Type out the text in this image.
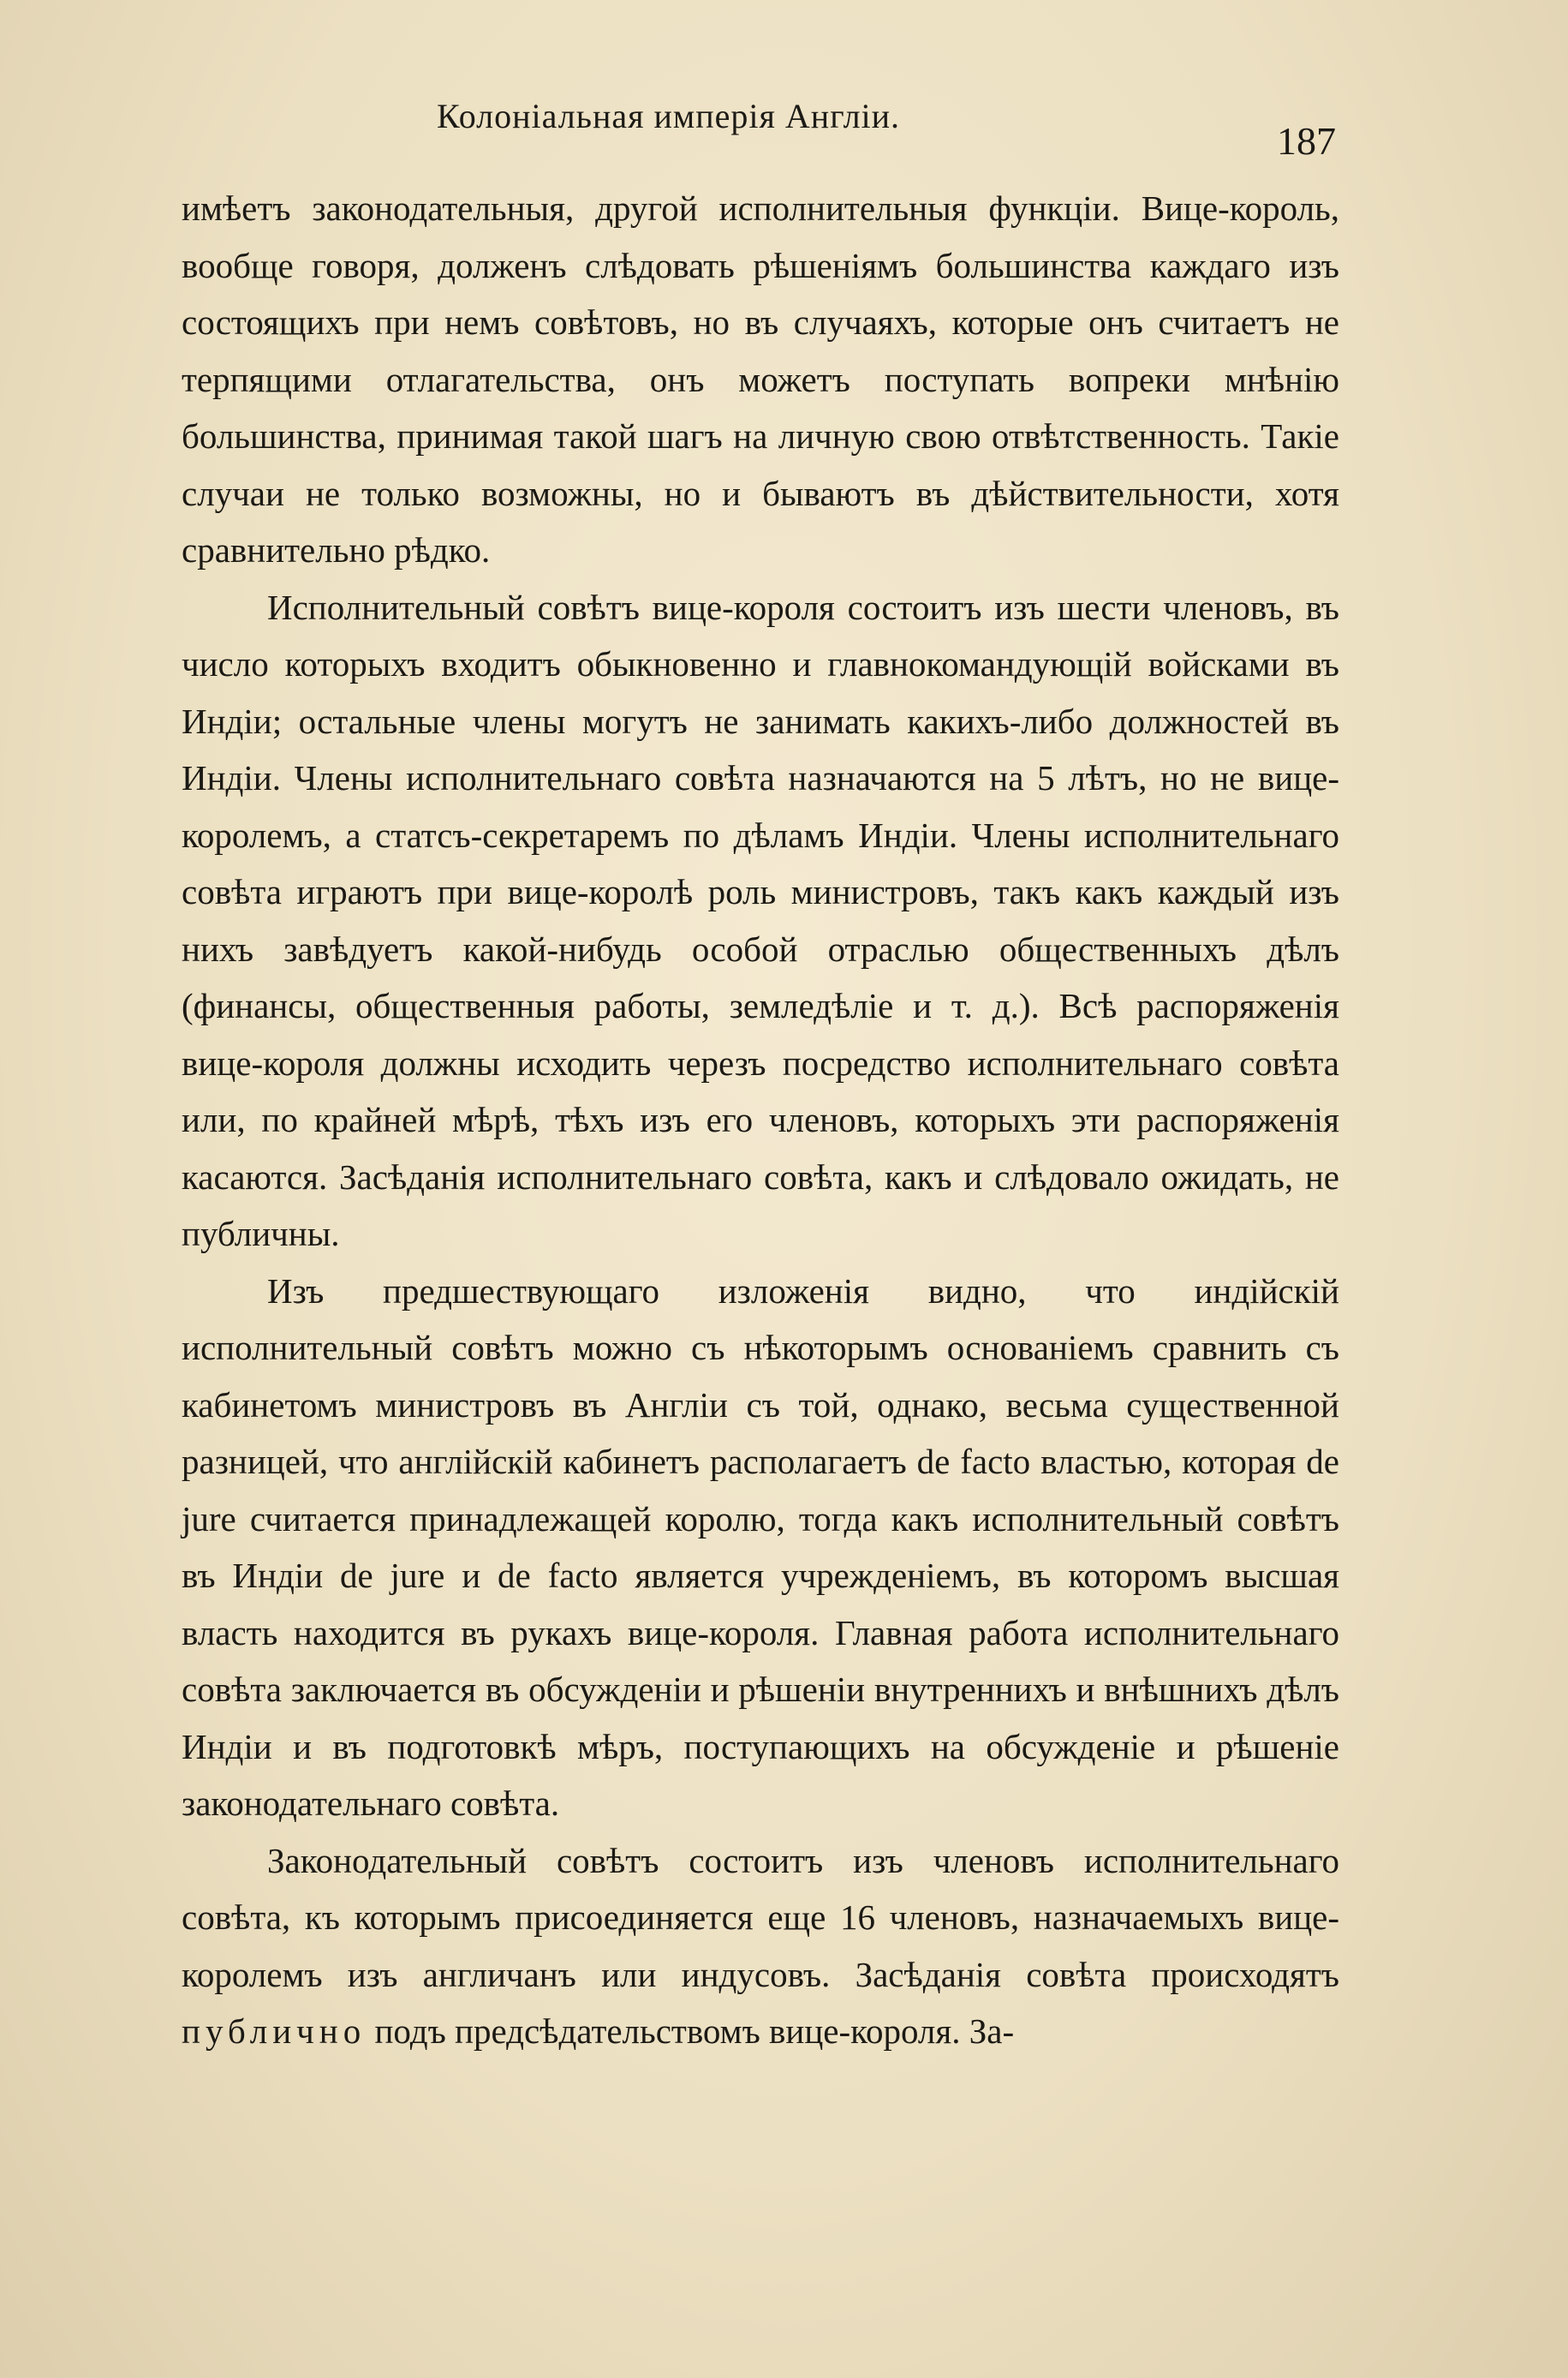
Колоніальная имперія Англіи.
187

имѣетъ законодательныя, другой исполнительныя функціи. Вице-король, вообще говоря, долженъ слѣдовать рѣшеніямъ большинства каждаго изъ состоящихъ при немъ совѣтовъ, но въ случаяхъ, которые онъ считаетъ не терпящими отлагательства, онъ можетъ поступать вопреки мнѣнію большинства, принимая такой шагъ на личную свою отвѣтственность. Такіе случаи не только возможны, но и бываютъ въ дѣйствительности, хотя сравнительно рѣдко.

Исполнительный совѣтъ вице-короля состоитъ изъ шести членовъ, въ число которыхъ входитъ обыкновенно и главнокомандующій войсками въ Индіи; остальные члены могутъ не занимать какихъ-либо должностей въ Индіи. Члены исполнительнаго совѣта назначаются на 5 лѣтъ, но не вице-королемъ, а статсъ-секретаремъ по дѣламъ Индіи. Члены исполнительнаго совѣта играютъ при вице-королѣ роль министровъ, такъ какъ каждый изъ нихъ завѣдуетъ какой-нибудь особой отраслью общественныхъ дѣлъ (финансы, общественныя работы, земледѣліе и т. д.). Всѣ распоряженія вице-короля должны исходить черезъ посредство исполнительнаго совѣта или, по крайней мѣрѣ, тѣхъ изъ его членовъ, которыхъ эти распоряженія касаются. Засѣданія исполнительнаго совѣта, какъ и слѣдовало ожидать, не публичны.

Изъ предшествующаго изложенія видно, что индійскій исполнительный совѣтъ можно съ нѣкоторымъ основаніемъ сравнить съ кабинетомъ министровъ въ Англіи съ той, однако, весьма существенной разницей, что англійскій кабинетъ располагаетъ de facto властью, которая de jure считается принадлежащей королю, тогда какъ исполнительный совѣтъ въ Индіи de jure и de facto является учрежденіемъ, въ которомъ высшая власть находится въ рукахъ вице-короля. Главная работа исполнительнаго совѣта заключается въ обсужденіи и рѣшеніи внутреннихъ и внѣшнихъ дѣлъ Индіи и въ подготовкѣ мѣръ, поступающихъ на обсужденіе и рѣшеніе законодательнаго совѣта.

Законодательный совѣтъ состоитъ изъ членовъ исполнительнаго совѣта, къ которымъ присоединяется еще 16 членовъ, назначаемыхъ вице-королемъ изъ англичанъ или индусовъ. Засѣданія совѣта происходятъ публично подъ предсѣдательствомъ вице-короля. За-
